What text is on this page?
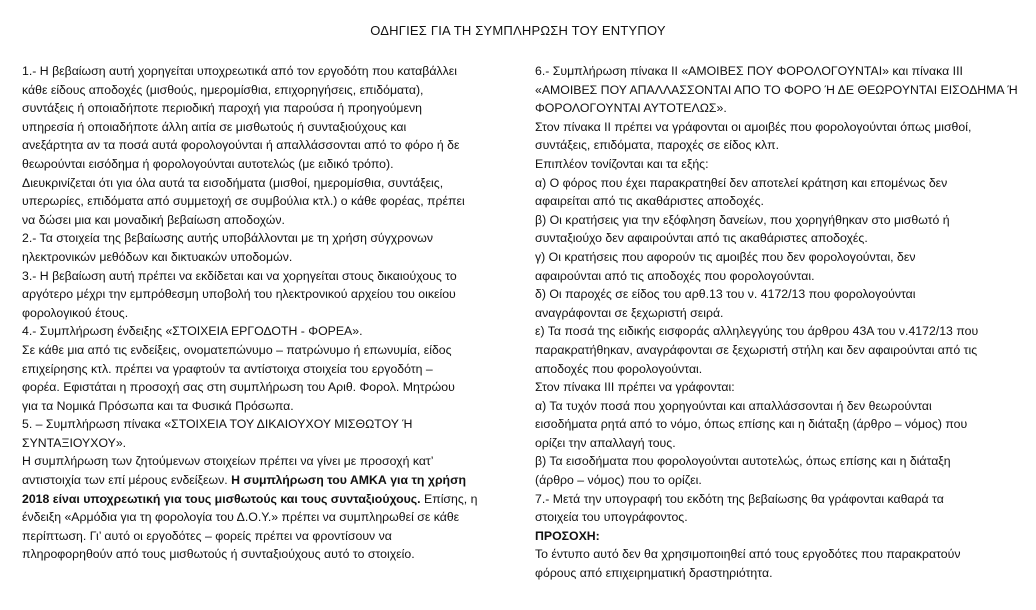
ΟΔΗΓΙΕΣ ΓΙΑ ΤΗ ΣΥΜΠΛΗΡΩΣΗ ΤΟΥ ΕΝΤΥΠΟΥ
1.- Η βεβαίωση αυτή χορηγείται υποχρεωτικά από τον εργοδότη που καταβάλλει
κάθε είδους αποδοχές (μισθούς, ημερομίσθια, επιχορηγήσεις, επιδόματα),
συντάξεις ή οποιαδήποτε περιοδική παροχή για παρούσα ή προηγούμενη
υπηρεσία ή οποιαδήποτε άλλη αιτία σε μισθωτούς ή συνταξιούχους και
ανεξάρτητα αν τα ποσά αυτά φορολογούνται ή απαλλάσσονται από το φόρο ή δε
θεωρούνται εισόδημα ή φορολογούνται αυτοτελώς (με ειδικό τρόπο).
Διευκρινίζεται ότι για όλα αυτά τα εισοδήματα (μισθοί, ημερομίσθια, συντάξεις,
υπερωρίες, επιδόματα από συμμετοχή σε συμβούλια κτλ.) ο κάθε φορέας, πρέπει
να δώσει μια και μοναδική βεβαίωση αποδοχών.
2.- Τα στοιχεία της βεβαίωσης αυτής υποβάλλονται με τη χρήση σύγχρονων
ηλεκτρονικών μεθόδων και δικτυακών υποδομών.
3.- Η βεβαίωση αυτή πρέπει να εκδίδεται και να χορηγείται στους δικαιούχους το
αργότερο μέχρι την εμπρόθεσμη υποβολή του ηλεκτρονικού αρχείου του οικείου
φορολογικού έτους.
4.- Συμπλήρωση ένδειξης «ΣΤΟΙΧΕΙΑ ΕΡΓΟΔΟΤΗ - ΦΟΡΕΑ».
Σε κάθε μια από τις ενδείξεις, ονοματεπώνυμο – πατρώνυμο ή επωνυμία, είδος
επιχείρησης κτλ. πρέπει να γραφτούν τα αντίστοιχα στοιχεία του εργοδότη –
φορέα. Εφιστάται η προσοχή σας στη συμπλήρωση του Αριθ. Φορολ. Μητρώου
για τα Νομικά Πρόσωπα και τα Φυσικά Πρόσωπα.
5. – Συμπλήρωση πίνακα «ΣΤΟΙΧΕΙΑ ΤΟΥ ΔΙΚΑΙΟΥΧΟΥ ΜΙΣΘΩΤΟΥ Ή
ΣΥΝΤΑΞΙΟΥΧΟΥ».
Η συμπλήρωση των ζητούμενων στοιχείων πρέπει να γίνει με προσοχή κατ’
αντιστοιχία των επί μέρους ενδείξεων. Η συμπλήρωση του ΑΜΚΑ για τη χρήση
2018 είναι υποχρεωτική για τους μισθωτούς και τους συνταξιούχους. Επίσης, η
ένδειξη «Αρμόδια για τη φορολογία του Δ.Ο.Υ.» πρέπει να συμπληρωθεί σε κάθε
περίπτωση. Γι’ αυτό οι εργοδότες – φορείς πρέπει να φροντίσουν να
πληροφορηθούν από τους μισθωτούς ή συνταξιούχους αυτό το στοιχείο.
6.- Συμπλήρωση πίνακα ΙΙ «ΑΜΟΙΒΕΣ ΠΟΥ ΦΟΡΟΛΟΓΟΥΝΤΑΙ» και πίνακα ΙΙΙ
«ΑΜΟΙΒΕΣ ΠΟΥ ΑΠΑΛΛΑΣΣΟΝΤΑΙ ΑΠΟ ΤΟ ΦΟΡΟ Ή ΔΕ ΘΕΩΡΟΥΝΤΑΙ ΕΙΣΟΔΗΜΑ Ή
ΦΟΡΟΛΟΓΟΥΝΤΑΙ ΑΥΤΟΤΕΛΩΣ».
Στον πίνακα ΙΙ πρέπει να γράφονται οι αμοιβές που φορολογούνται όπως μισθοί,
συντάξεις, επιδόματα, παροχές σε είδος κλπ.
Επιπλέον τονίζονται και τα εξής:
α) Ο φόρος που έχει παρακρατηθεί δεν αποτελεί κράτηση και επομένως δεν
αφαιρείται από τις ακαθάριστες αποδοχές.
β) Οι κρατήσεις για την εξόφληση δανείων, που χορηγήθηκαν στο μισθωτό ή
συνταξιούχο δεν αφαιρούνται από τις ακαθάριστες αποδοχές.
γ) Οι κρατήσεις που αφορούν τις αμοιβές που δεν φορολογούνται, δεν
αφαιρούνται από τις αποδοχές που φορολογούνται.
δ) Οι παροχές σε είδος του αρθ.13 του ν. 4172/13 που φορολογούνται
αναγράφονται σε ξεχωριστή σειρά.
ε) Τα ποσά της ειδικής εισφοράς αλληλεγγύης του άρθρου 43Α του ν.4172/13 που
παρακρατήθηκαν, αναγράφονται σε ξεχωριστή στήλη και δεν αφαιρούνται από τις
αποδοχές που φορολογούνται.
Στον πίνακα ΙΙΙ πρέπει να γράφονται:
α) Τα τυχόν ποσά που χορηγούνται και απαλλάσσονται ή δεν θεωρούνται
εισοδήματα ρητά από το νόμο, όπως επίσης και η διάταξη (άρθρο – νόμος) που
ορίζει την απαλλαγή τους.
β) Τα εισοδήματα που φορολογούνται αυτοτελώς, όπως επίσης και η διάταξη
(άρθρο – νόμος) που το ορίζει.
7.- Μετά την υπογραφή του εκδότη της βεβαίωσης θα γράφονται καθαρά τα
στοιχεία του υπογράφοντος.
ΠΡΟΣΟΧΗ:
Το έντυπο αυτό δεν θα χρησιμοποιηθεί από τους εργοδότες που παρακρατούν
φόρους από επιχειρηματική δραστηριότητα.
